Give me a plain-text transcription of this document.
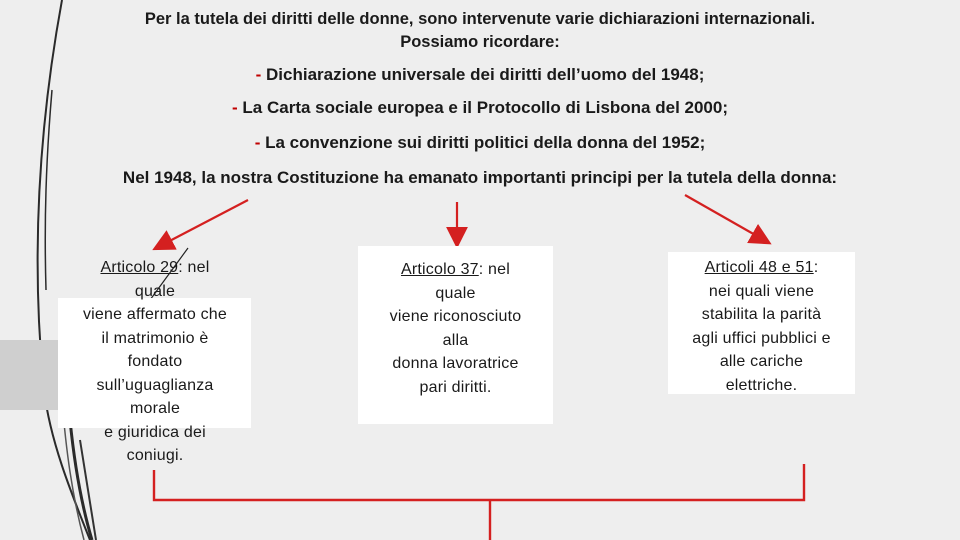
Per la tutela dei diritti delle donne, sono intervenute varie dichiarazioni internazionali.
Possiamo ricordare:
- Dichiarazione universale dei diritti dell’uomo del 1948;
- La Carta sociale europea e il Protocollo di Lisbona del 2000;
- La convenzione sui diritti politici della donna del 1952;
Nel 1948, la nostra Costituzione ha emanato importanti principi per la tutela della donna:
Articolo 29: nel
quale
viene affermato che
il matrimonio è
fondato
sull’uguaglianza
morale
e giuridica dei
coniugi.
Articolo 37: nel
quale
viene riconosciuto
alla
donna lavoratrice
pari diritti.
Articoli 48 e 51:
nei quali viene
stabilita la parità
agli uffici pubblici e
alle cariche
elettriche.
